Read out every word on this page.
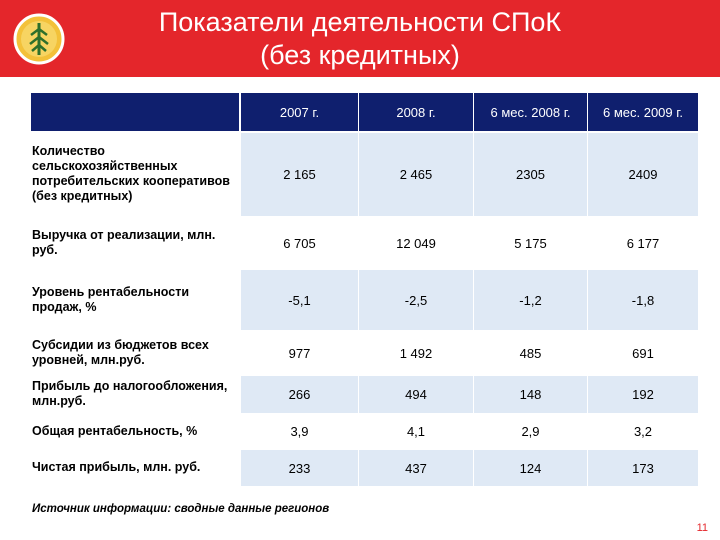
Показатели деятельности СПоК
(без кредитных)
	2007 г.	2008 г.	6 мес. 2008 г.	6 мес. 2009 г.
Количество сельскохозяйственных потребительских кооперативов (без кредитных)	2 165	2 465	2305	2409
Выручка от реализации, млн. руб.	6 705	12 049	5 175	6 177
Уровень рентабельности продаж, %	-5,1	-2,5	-1,2	-1,8
Субсидии из бюджетов всех уровней, млн.руб.	977	1 492	485	691
Прибыль до налогообложения, млн.руб.	266	494	148	192
Общая рентабельность, %	3,9	4,1	2,9	3,2
Чистая прибыль, млн. руб.	233	437	124	173
Источник информации: сводные данные регионов
11
